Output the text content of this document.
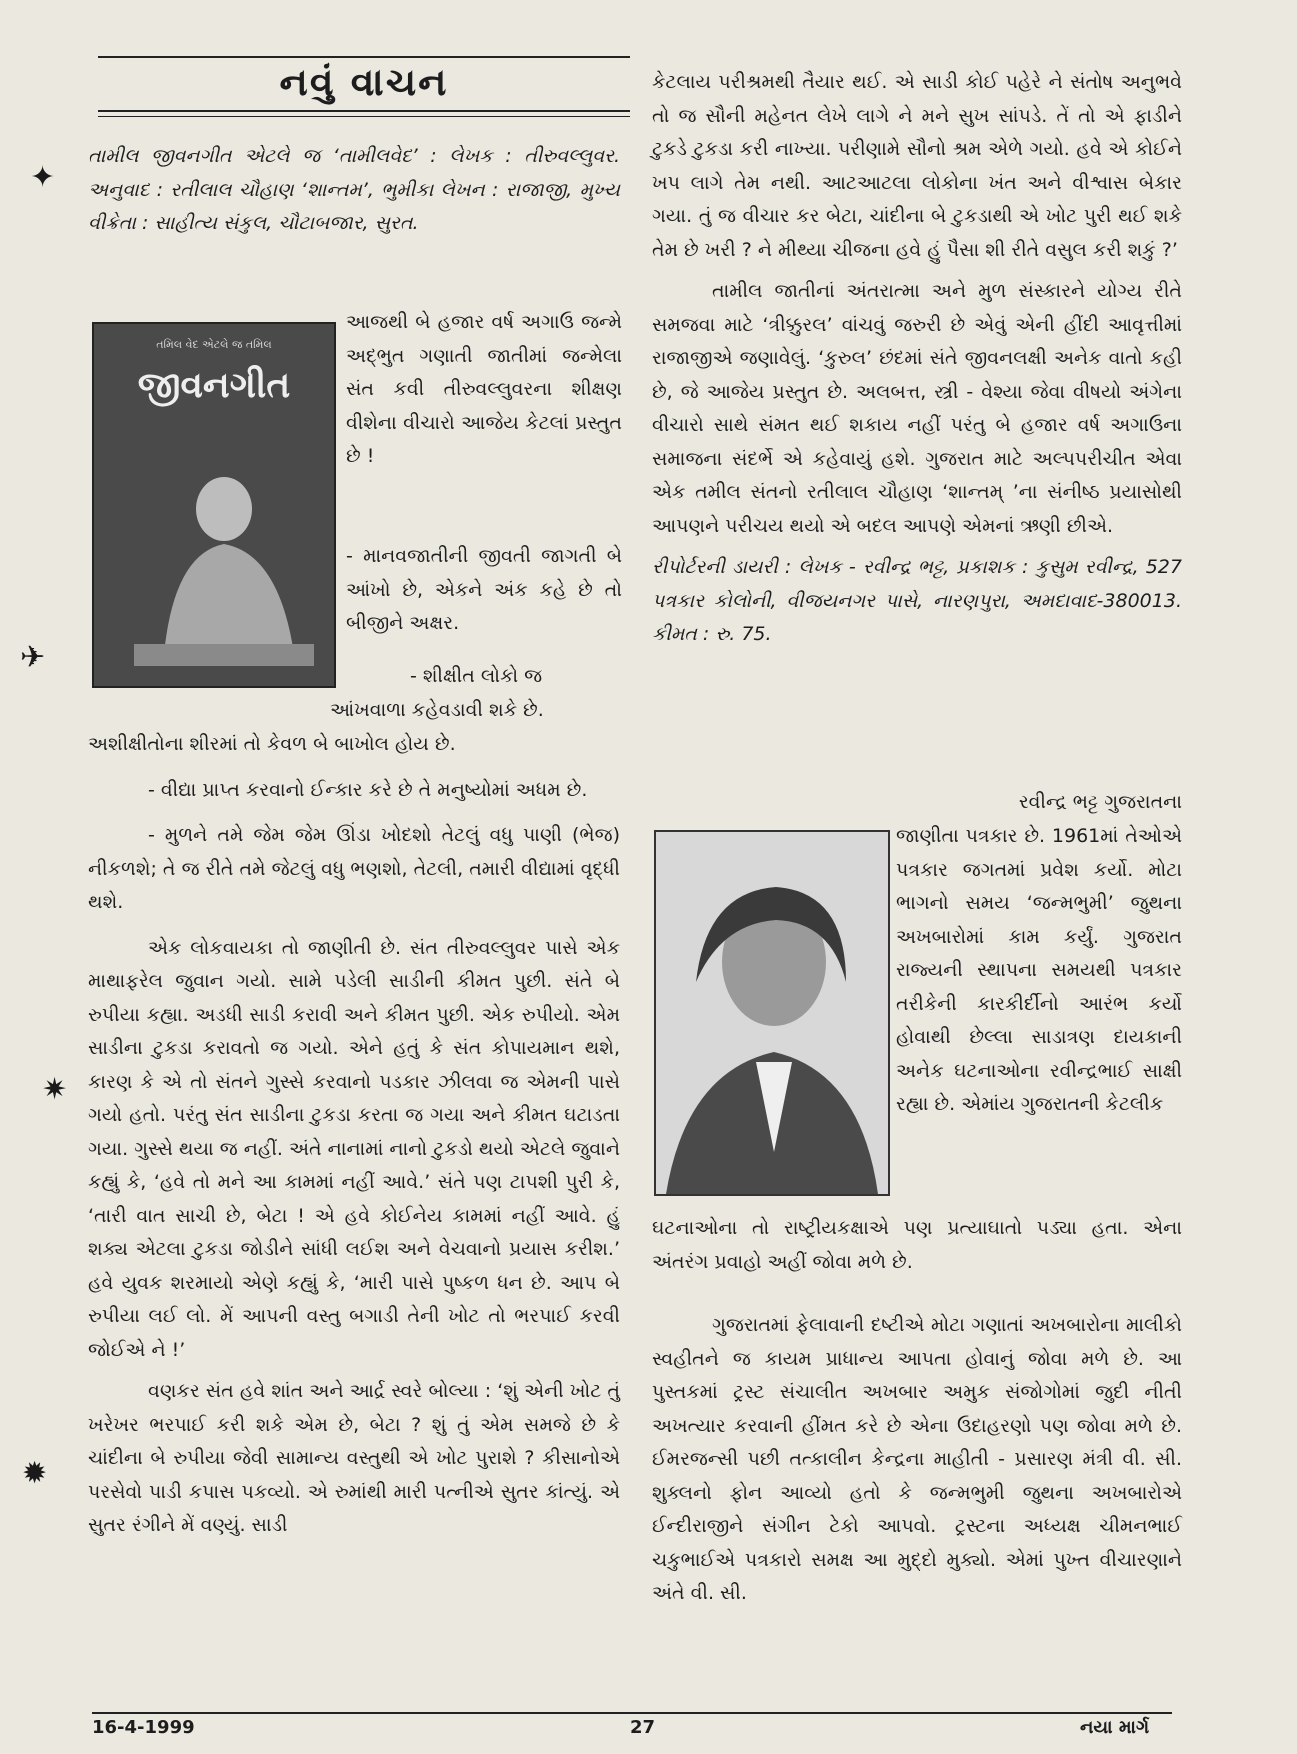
નવું વાચન

તામીલ જીવનગીત એટલે જ ‘તામીલવેદ’ : લેખક : તીરુવલ્લુવર. અનુવાદ : રતીલાલ ચૌહાણ ‘શાન્તમ’, ભુમીકા લેખન : રાજાજી, મુખ્ય વીક્રેતા : સાહીત્ય સંકુલ, ચૌટાબજાર, સુરત.

તમિલ વેદ એટલે જ તમિલ
જીવનગીત
આજથી બે હજાર વર્ષ અગાઉ જન્મે અદ્ભુત ગણાતી જાતીમાં જન્મેલા સંત કવી તીરુવલ્લુવરના શીક્ષણ વીશેના વીચારો આજેય કેટલાં પ્રસ્તુત છે !
- માનવજાતીની જીવતી જાગતી બે આંખો છે, એકને અંક કહે છે તો બીજીને અક્ષર.
- શીક્ષીત લોકો જ
આંખવાળા કહેવડાવી શકે છે.

અશીક્ષીતોના શીરમાં તો કેવળ બે બાખોલ હોય છે.

- વીદ્યા પ્રાપ્ત કરવાનો ઈન્કાર કરે છે તે મનુષ્યોમાં અધમ છે.

- મુળને તમે જેમ જેમ ઊંડા ખોદશો તેટલું વધુ પાણી (ભેજ) નીકળશે; તે જ રીતે તમે જેટલું વધુ ભણશો, તેટલી, તમારી વીદ્યામાં વૃદ્ધી થશે.

એક લોકવાયકા તો જાણીતી છે. સંત તીરુવલ્લુવર પાસે એક માથાફરેલ જુવાન ગયો. સામે પડેલી સાડીની કીમત પુછી. સંતે બે રુપીયા કહ્યા. અડધી સાડી કરાવી અને કીમત પુછી. એક રુપીયો. એમ સાડીના ટુકડા કરાવતો જ ગયો. એને હતું કે સંત કોપાયમાન થશે, કારણ કે એ તો સંતને ગુસ્સે કરવાનો પડકાર ઝીલવા જ એમની પાસે ગયો હતો. પરંતુ સંત સાડીના ટુકડા કરતા જ ગયા અને કીમત ઘટાડતા ગયા. ગુસ્સે થયા જ નહીં. અંતે નાનામાં નાનો ટુકડો થયો એટલે જુવાને કહ્યું કે, ‘હવે તો મને આ કામમાં નહીં આવે.’ સંતે પણ ટાપશી પુરી કે, ‘તારી વાત સાચી છે, બેટા ! એ હવે કોઈનેય કામમાં નહીં આવે. હું શક્ય એટલા ટુકડા જોડીને સાંધી લઈશ અને વેચવાનો પ્રયાસ કરીશ.’ હવે યુવક શરમાયો એણે કહ્યું કે, ‘મારી પાસે પુષ્કળ ધન છે. આપ બે રુપીયા લઈ લો. મેં આપની વસ્તુ બગાડી તેની ખોટ તો ભરપાઈ કરવી જોઈએ ને !’

વણકર સંત હવે શાંત અને આર્દ્ર સ્વરે બોલ્યા : ‘શું એની ખોટ તું ખરેખર ભરપાઈ કરી શકે એમ છે, બેટા ? શું તું એમ સમજે છે કે ચાંદીના બે રુપીયા જેવી સામાન્ય વસ્તુથી એ ખોટ પુરાશે ? કીસાનોએ પરસેવો પાડી કપાસ પકવ્યો. એ રુમાંથી મારી પત્નીએ સુતર કાંત્યું. એ સુતર રંગીને મેં વણ્યું. સાડી

કેટલાય પરીશ્રમથી તૈયાર થઈ. એ સાડી કોઈ પહેરે ને સંતોષ અનુભવે તો જ સૌની મહેનત લેખે લાગે ને મને સુખ સાંપડે. તેં તો એ ફાડીને ટુકડે ટુકડા કરી નાખ્યા. પરીણામે સૌનો શ્રમ એળે ગયો. હવે એ કોઈને ખપ લાગે તેમ નથી. આટઆટલા લોકોના ખંત અને વીશ્વાસ બેકાર ગયા. તું જ વીચાર કર બેટા, ચાંદીના બે ટુકડાથી એ ખોટ પુરી થઈ શકે તેમ છે ખરી ? ને મીથ્યા ચીજના હવે હું પૈસા શી રીતે વસુલ કરી શકું ?’

તામીલ જાતીનાં અંતરાત્મા અને મુળ સંસ્કારને યોગ્ય રીતે સમજવા માટે ‘ત્રીક્કુરલ’ વાંચવું જરુરી છે એવું એની હીંદી આવૃત્તીમાં રાજાજીએ જણાવેલું. ‘કુરુલ’ છંદમાં સંતે જીવનલક્ષી અનેક વાતો કહી છે, જે આજેય પ્રસ્તુત છે. અલબત્ત, સ્ત્રી - વેશ્યા જેવા વીષયો અંગેના વીચારો સાથે સંમત થઈ શકાય નહીં પરંતુ બે હજાર વર્ષ અગાઉના સમાજના સંદર્ભે એ કહેવાયું હશે. ગુજરાત માટે અલ્પપરીચીત એવા એક તમીલ સંતનો રતીલાલ ચૌહાણ ‘શાન્તમ્ ’ના સંનીષ્ઠ પ્રયાસોથી આપણને પરીચય થયો એ બદલ આપણે એમનાં ઋણી છીએ.

રીપોર્ટરની ડાયરી : લેખક - રવીન્દ્ર ભટ્ટ, પ્રકાશક : કુસુમ રવીન્દ્ર, 527 પત્રકાર કોલોની, વીજયનગર પાસે, નારણપુરા, અમદાવાદ-380013. કીમત : રુ. 75.

રવીન્દ્ર ભટ્ટ ગુજરાતના
જાણીતા પત્રકાર છે. 1961માં તેઓએ પત્રકાર જગતમાં પ્રવેશ કર્યો. મોટા ભાગનો સમય ‘જન્મભુમી’ જુથના અખબારોમાં કામ કર્યું. ગુજરાત રાજ્યની સ્થાપના સમયથી પત્રકાર તરીકેની કારકીર્દીનો આરંભ કર્યો હોવાથી છેલ્લા સાડાત્રણ દાયકાની અનેક ઘટનાઓના રવીન્દ્રભાઈ સાક્ષી રહ્યા છે. એમાંય ગુજરાતની કેટલીક

ઘટનાઓના તો રાષ્ટ્રીયકક્ષાએ પણ પ્રત્યાઘાતો પડ્યા હતા. એના અંતરંગ પ્રવાહો અહીં જોવા મળે છે.

ગુજરાતમાં ફેલાવાની દષ્ટીએ મોટા ગણાતાં અખબારોના માલીકો સ્વહીતને જ કાયમ પ્રાધાન્ય આપતા હોવાનું જોવા મળે છે. આ પુસ્તકમાં ટ્રસ્ટ સંચાલીત અખબાર અમુક સંજોગોમાં જુદી નીતી અખત્યાર કરવાની હીંમત કરે છે એના ઉદાહરણો પણ જોવા મળે છે. ઈમરજન્સી પછી તત્કાલીન કેન્દ્રના માહીતી - પ્રસારણ મંત્રી વી. સી. શુક્લનો ફોન આવ્યો હતો કે જન્મભુમી જુથના અખબારોએ ઈન્દીરાજીને સંગીન ટેકો આપવો. ટ્રસ્ટના અધ્યક્ષ ચીમનભાઈ ચકુભાઈએ પત્રકારો સમક્ષ આ મુદ્દો મુક્યો. એમાં પુખ્ત વીચારણાને અંતે વી. સી.

✦
✈
✷
✹
16-4-1999	27	નયા માર્ગ
